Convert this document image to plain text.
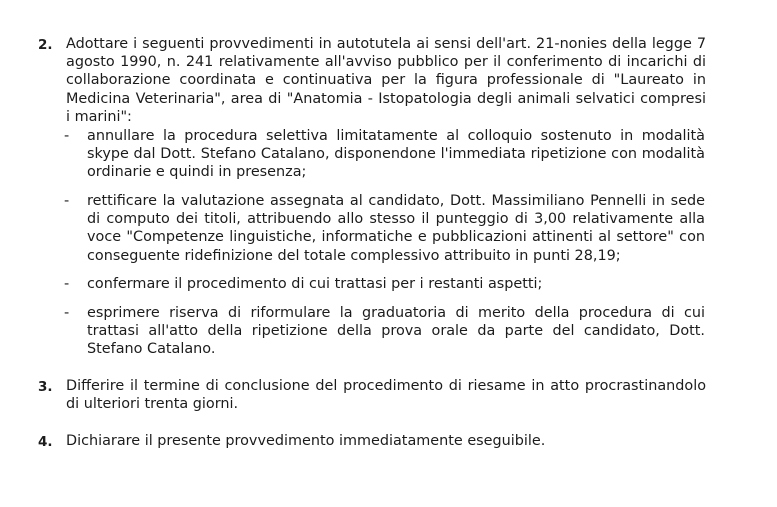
2. Adottare i seguenti provvedimenti in autotutela ai sensi dell'art. 21-nonies della legge 7 agosto 1990, n. 241 relativamente all'avviso pubblico per il conferimento di incarichi di collaborazione coordinata e continuativa per la figura professionale di "Laureato in Medicina Veterinaria", area di "Anatomia - Istopatologia degli animali selvatici compresi i marini":

- annullare la procedura selettiva limitatamente al colloquio sostenuto in modalità skype dal Dott. Stefano Catalano, disponendone l'immediata ripetizione con modalità ordinarie e quindi in presenza;

- rettificare la valutazione assegnata al candidato, Dott. Massimiliano Pennelli in sede di computo dei titoli, attribuendo allo stesso il punteggio di 3,00 relativamente alla voce "Competenze linguistiche, informatiche e pubblicazioni attinenti al settore" con conseguente ridefinizione del totale complessivo attribuito in punti 28,19;

- confermare il procedimento di cui trattasi per i restanti aspetti;

- esprimere riserva di riformulare la graduatoria di merito della procedura di cui trattasi all'atto della ripetizione della prova orale da parte del candidato, Dott. Stefano Catalano.

3. Differire il termine di conclusione del procedimento di riesame in atto procrastinandolo di ulteriori trenta giorni.

4. Dichiarare il presente provvedimento immediatamente eseguibile.
